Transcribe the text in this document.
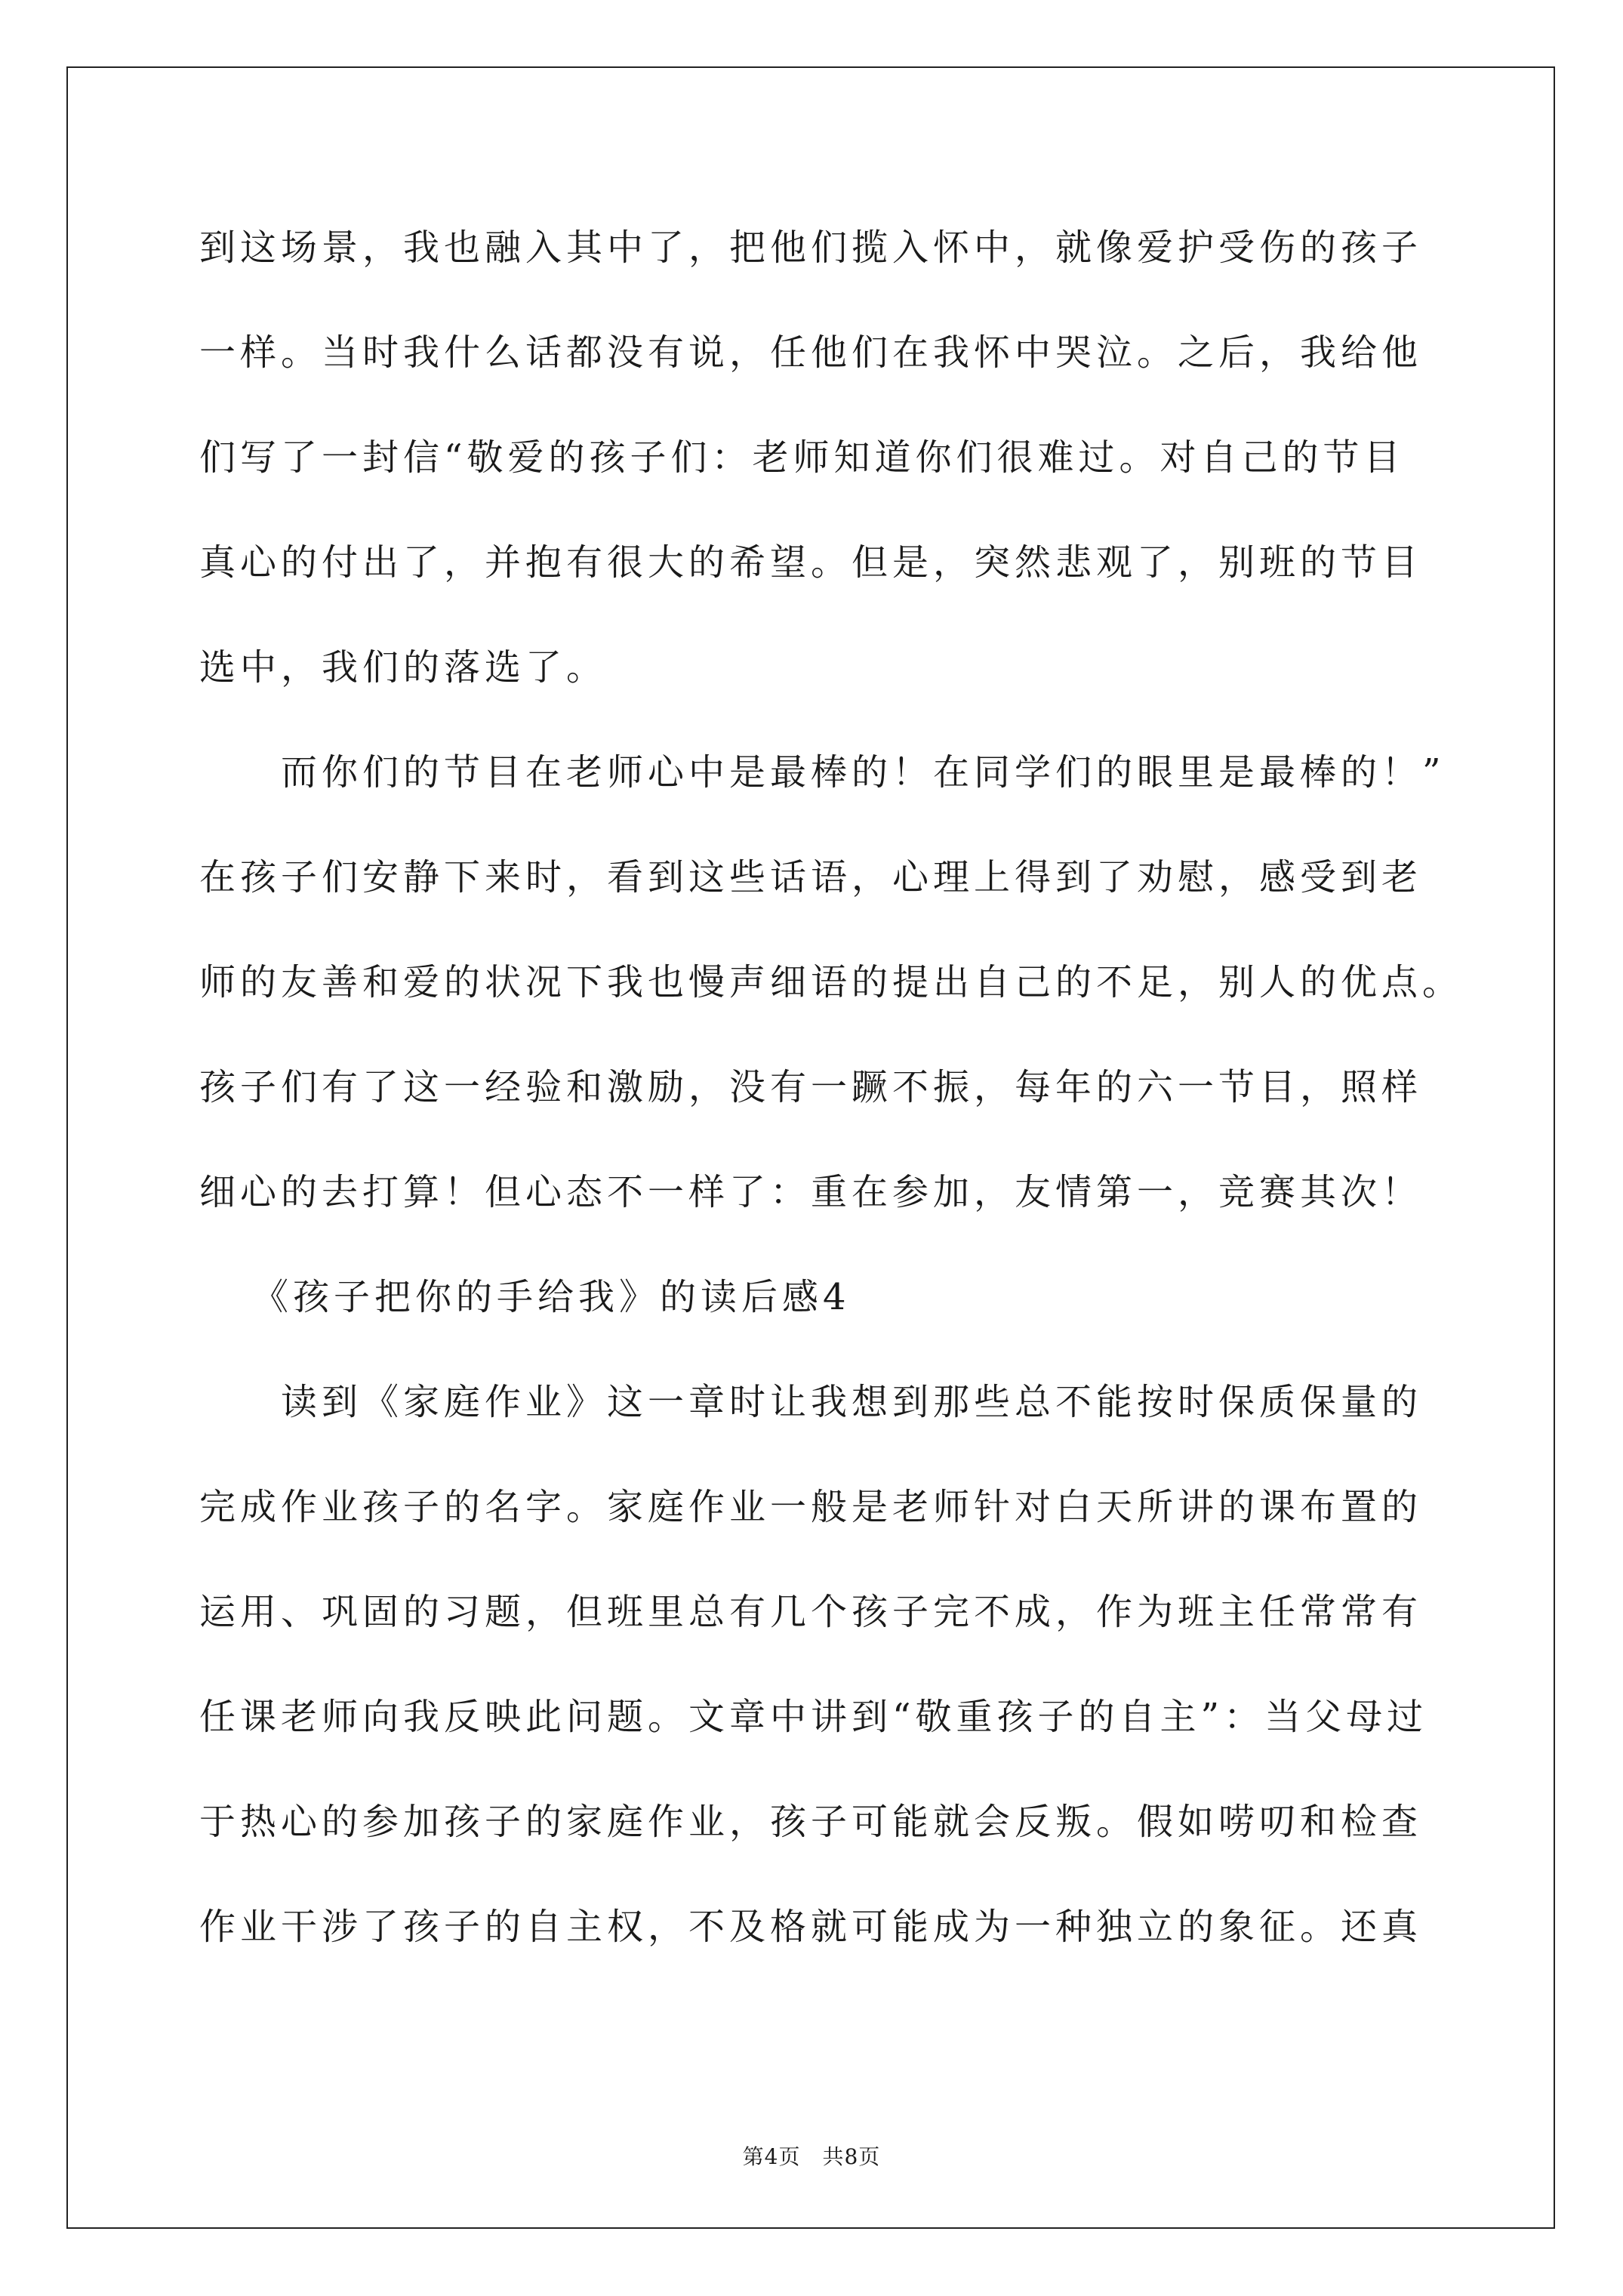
到这场景，我也融入其中了，把他们揽入怀中，就像爱护受伤的孩子
一样。当时我什么话都没有说，任他们在我怀中哭泣。之后，我给他
们写了一封信“敬爱的孩子们：老师知道你们很难过。对自己的节目
真心的付出了，并抱有很大的希望。但是，突然悲观了，别班的节目
选中，我们的落选了。
而你们的节目在老师心中是最棒的！在同学们的眼里是最棒的！”
在孩子们安静下来时，看到这些话语，心理上得到了劝慰，感受到老
师的友善和爱的状况下我也慢声细语的提出自己的不足，别人的优点。
孩子们有了这一经验和激励，没有一蹶不振，每年的六一节目，照样
细心的去打算！但心态不一样了：重在参加，友情第一，竞赛其次！
《孩子把你的手给我》的读后感4
读到《家庭作业》这一章时让我想到那些总不能按时保质保量的
完成作业孩子的名字。家庭作业一般是老师针对白天所讲的课布置的
运用、巩固的习题，但班里总有几个孩子完不成，作为班主任常常有
任课老师向我反映此问题。文章中讲到“敬重孩子的自主”：当父母过
于热心的参加孩子的家庭作业，孩子可能就会反叛。假如唠叨和检查
作业干涉了孩子的自主权，不及格就可能成为一种独立的象征。还真
第4页　共8页
